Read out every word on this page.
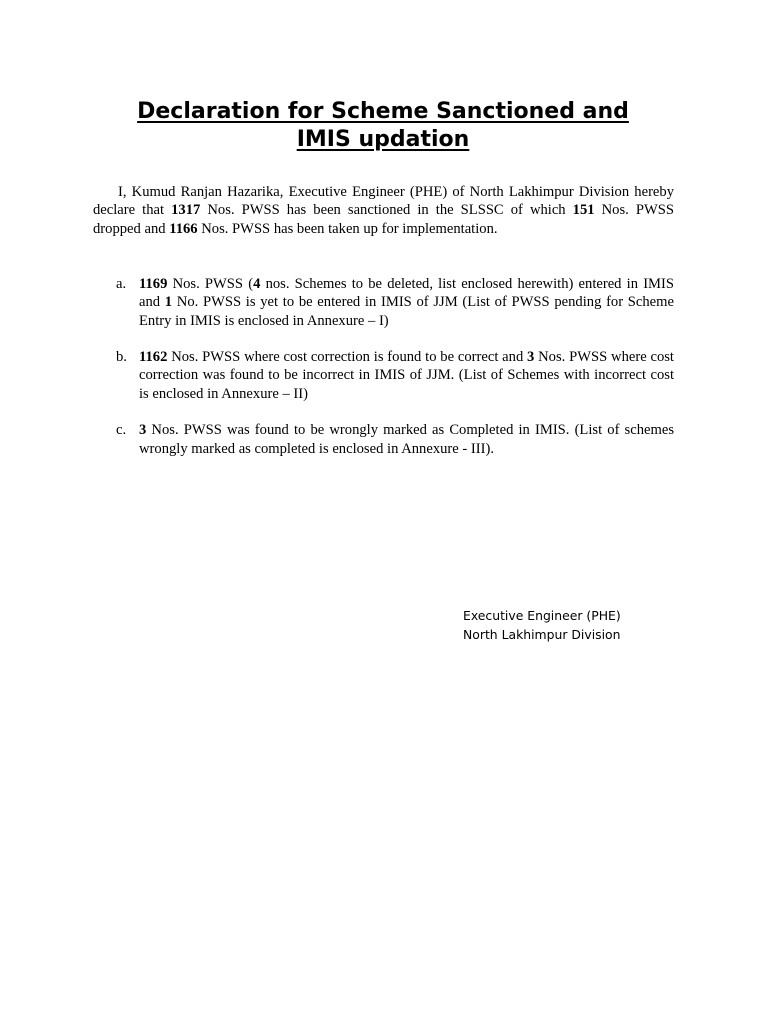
Declaration for Scheme Sanctioned and
IMIS updation

I, Kumud Ranjan Hazarika, Executive Engineer (PHE) of North Lakhimpur Division hereby declare that 1317 Nos. PWSS has been sanctioned in the SLSSC of which 151 Nos. PWSS dropped and 1166 Nos. PWSS has been taken up for implementation.

a. 1169 Nos. PWSS (4 nos. Schemes to be deleted, list enclosed herewith) entered in IMIS and 1 No. PWSS is yet to be entered in IMIS of JJM (List of PWSS pending for Scheme Entry in IMIS is enclosed in Annexure – I)
b. 1162 Nos. PWSS where cost correction is found to be correct and 3 Nos. PWSS where cost correction was found to be incorrect in IMIS of JJM. (List of Schemes with incorrect cost is enclosed in Annexure – II)
c. 3 Nos. PWSS was found to be wrongly marked as Completed in IMIS. (List of schemes wrongly marked as completed is enclosed in Annexure - III).
Executive Engineer (PHE)
North Lakhimpur Division
